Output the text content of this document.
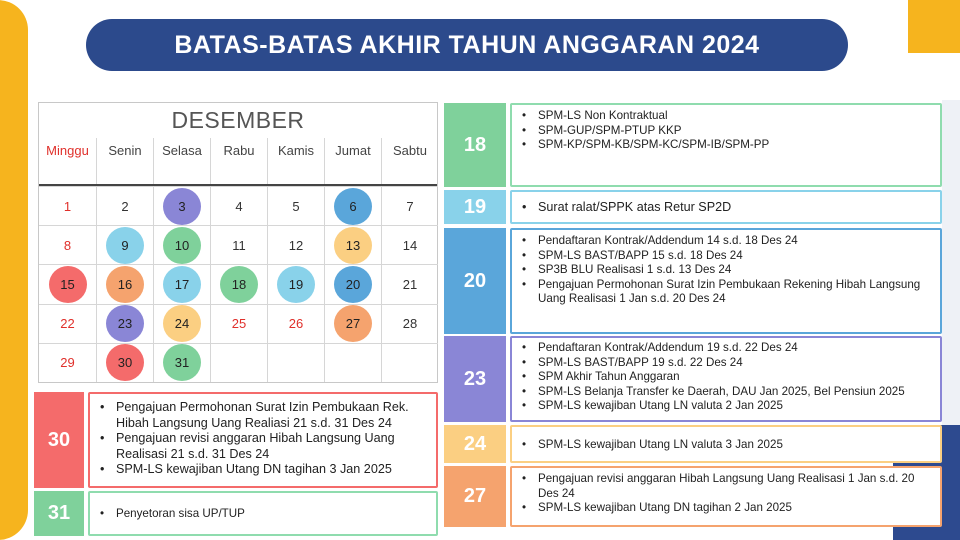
BATAS-BATAS AKHIR TAHUN ANGGARAN 2024
DESEMBER
Minggu	Senin	Selasa	Rabu	Kamis	Jumat	Sabtu
1	2	3	4	5	6	7
8	9	10	11	12	13	14
15	16	17	18	19	20	21
22	23	24	25	26	27	28
29	30	31
18
• SPM-LS Non Kontraktual
• SPM-GUP/SPM-PTUP KKP
• SPM-KP/SPM-KB/SPM-KC/SPM-IB/SPM-PP
19	• Surat ralat/SPPK atas Retur SP2D
20
• Pendaftaran Kontrak/Addendum 14 s.d. 18 Des 24
• SPM-LS BAST/BAPP 15 s.d. 18 Des 24
• SP3B BLU Realisasi 1 s.d. 13 Des 24
• Pengajuan Permohonan Surat Izin Pembukaan Rekening Hibah Langsung Uang Realisasi 1 Jan s.d. 20 Des 24
23
• Pendaftaran Kontrak/Addendum 19 s.d. 22 Des 24
• SPM-LS BAST/BAPP 19 s.d. 22 Des 24
• SPM Akhir Tahun Anggaran
• SPM-LS Belanja Transfer ke Daerah, DAU Jan 2025, Bel Pensiun 2025
• SPM-LS kewajiban Utang LN valuta 2 Jan 2025
24	• SPM-LS kewajiban Utang LN valuta 3 Jan 2025
27
• Pengajuan revisi anggaran Hibah Langsung Uang Realisasi 1 Jan s.d. 20 Des 24
• SPM-LS kewajiban Utang DN tagihan 2 Jan 2025
30
• Pengajuan Permohonan Surat Izin Pembukaan Rek. Hibah Langsung Uang Realiasi 21 s.d. 31 Des 24
• Pengajuan revisi anggaran Hibah Langsung Uang Realisasi 21 s.d. 31 Des 24
• SPM-LS kewajiban Utang DN tagihan 3 Jan 2025
31	• Penyetoran sisa UP/TUP
